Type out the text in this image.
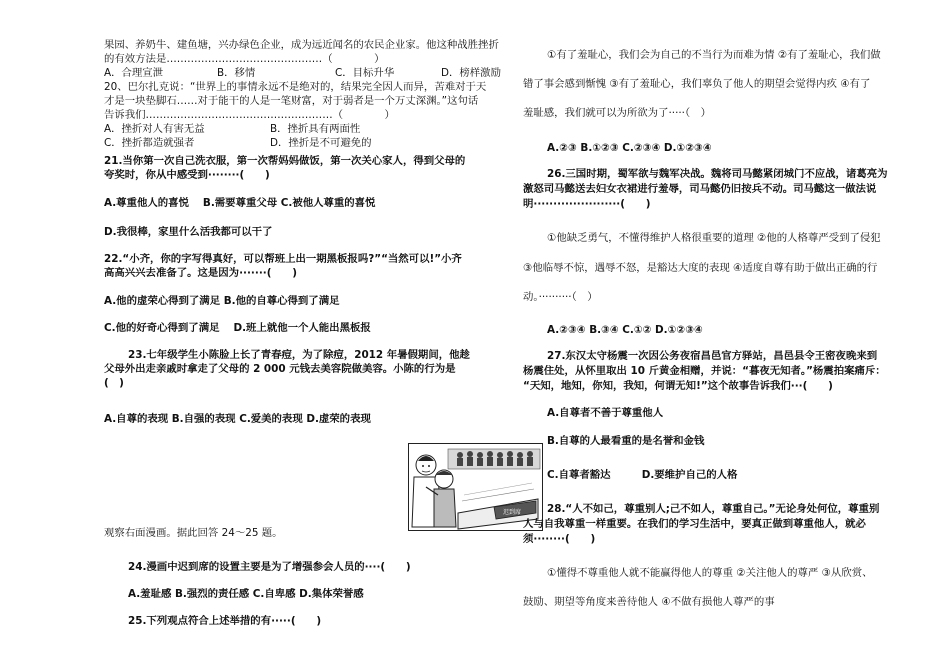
果园、养奶牛、建鱼塘，兴办绿色企业，成为远近闻名的农民企业家。他这种战胜挫折
的有效方法是………………………………………（　　　　）
A．合理宣泄	B．移情	C．目标升华	D．榜样激励
20、巴尔扎克说：“世界上的事情永远不是绝对的，结果完全因人而异，苦难对于天
才是一块垫脚石……对于能干的人是一笔财富，对于弱者是一个万丈深渊。”这句话
告诉我们………………………………………………（　　　　）
A．挫折对人有害无益	B．挫折具有两面性
C．挫折都造就强者	D．挫折是不可避免的
21.当你第一次自己洗衣服，第一次帮妈妈做饭，第一次关心家人，得到父母的
夸奖时，你从中感受到········(　　)
A.尊重他人的喜悦　 B.需要尊重父母 C.被他人尊重的喜悦
D.我很棒，家里什么活我都可以干了
22.“小齐，你的字写得真好，可以帮班上出一期黑板报吗?”“当然可以!”小齐
高高兴兴去准备了。这是因为·······(　　)
A.他的虚荣心得到了满足 B.他的自尊心得到了满足
C.他的好奇心得到了满足　 D.班上就他一个人能出黑板报
23.七年级学生小陈脸上长了青春痘，为了除痘，2012 年暑假期间，他趁
父母外出走亲戚时拿走了父母的 2 000 元钱去美容院做美容。小陈的行为是
(　)
A.自尊的表现 B.自强的表现 C.爱美的表现 D.虚荣的表现
迟到席
观察右面漫画。据此回答 24～25 题。
24.漫画中迟到席的设置主要是为了增强参会人员的····(　　)
A.羞耻感 B.强烈的责任感 C.自卑感 D.集体荣誉感
25.下列观点符合上述举措的有·····(　　)
①有了羞耻心，我们会为自己的不当行为而难为情 ②有了羞耻心，我们做
错了事会感到惭愧 ③有了羞耻心，我们辜负了他人的期望会觉得内疚 ④有了
羞耻感，我们就可以为所欲为了·····（　）
A.②③ B.①②③ C.②③④ D.①②③④
26.三国时期，蜀军欲与魏军决战。魏将司马懿紧闭城门不应战，诸葛亮为
激怒司马懿送去妇女衣裙进行羞辱，司马懿仍旧按兵不动。司马懿这一做法说
明······················(　　)
①他缺乏勇气，不懂得维护人格很重要的道理 ②他的人格尊严受到了侵犯
③他临辱不惊，遇辱不怒，是豁达大度的表现 ④适度自尊有助于做出正确的行
动。··········（　）
A.②③④ B.③④ C.①② D.①②③④
27.东汉太守杨震一次因公务夜宿昌邑官方驿站，昌邑县令王密夜晚来到
杨震住处，从怀里取出 10 斤黄金相赠，并说：“暮夜无知者。”杨震拍案痛斥：
“天知，地知，你知，我知，何谓无知!”这个故事告诉我们···(　　)
A.自尊者不善于尊重他人
B.自尊的人最看重的是名誉和金钱
C.自尊者豁达　　　D.要维护自己的人格
28.“人不如己，尊重别人;己不如人，尊重自己。”无论身处何位，尊重别
人与自我尊重一样重要。在我们的学习生活中，要真正做到尊重他人，就必
须········(　　)
①懂得不尊重他人就不能赢得他人的尊重 ②关注他人的尊严 ③从欣赏、
鼓励、期望等角度来善待他人 ④不做有损他人尊严的事
